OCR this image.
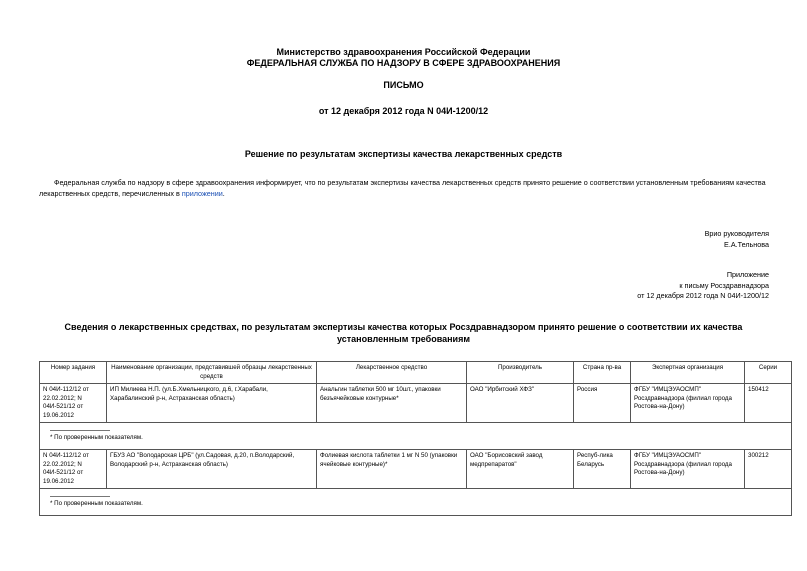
Министерство здравоохранения Российской Федерации
ФЕДЕРАЛЬНАЯ СЛУЖБА ПО НАДЗОРУ В СФЕРЕ ЗДРАВООХРАНЕНИЯ
ПИСЬМО
от 12 декабря 2012 года N 04И-1200/12
Решение по результатам экспертизы качества лекарственных средств
Федеральная служба по надзору в сфере здравоохранения информирует, что по результатам экспертизы качества лекарственных средств принято решение о соответствии установленным требованиям качества лекарственных средств, перечисленных в приложении.
Врио руководителя
Е.А.Тельнова
Приложение
к письму Росздравнадзора
от 12 декабря 2012 года N 04И-1200/12
Сведения о лекарственных средствах, по результатам экспертизы качества которых Росздравнадзором принято решение о соответствии их качества установленным требованиям
Номер задания	Наименование организации, представившей образцы лекарственных средств	Лекарственное средство	Производитель	Страна пр-ва	Экспертная организация	Серии
N 04И-112/12 от 22.02.2012; N 04И-521/12 от 19.06.2012	ИП Милиева Н.П. (ул.Б.Хмельницкого, д.6, г.Харабали, Харабалинский р-н, Астраханская область)	Анальгин таблетки 500 мг 10шт., упаковки безъячейковые контурные*	ОАО "Ирбитский ХФЗ"	Россия	ФГБУ "ИМЦЭУАОСМП" Росздравнадзора (филиал города Ростова-на-Дону)	150412

* По проверенным показателям.						

N 04И-112/12 от 22.02.2012; N 04И-521/12 от 19.06.2012	ГБУЗ АО "Володарская ЦРБ" (ул.Садовая, д.20, п.Володарский, Володарский р-н, Астраханская область)	Фолиевая кислота таблетки 1 мг N 50 (упаковки ячейковые контурные)*	ОАО "Борисовский завод медпрепаратов"	Респуб-лика Беларусь	ФГБУ "ИМЦЭУАОСМП" Росздравнадзора (филиал города Ростова-на-Дону)	300212

* По проверенным показателям.						
